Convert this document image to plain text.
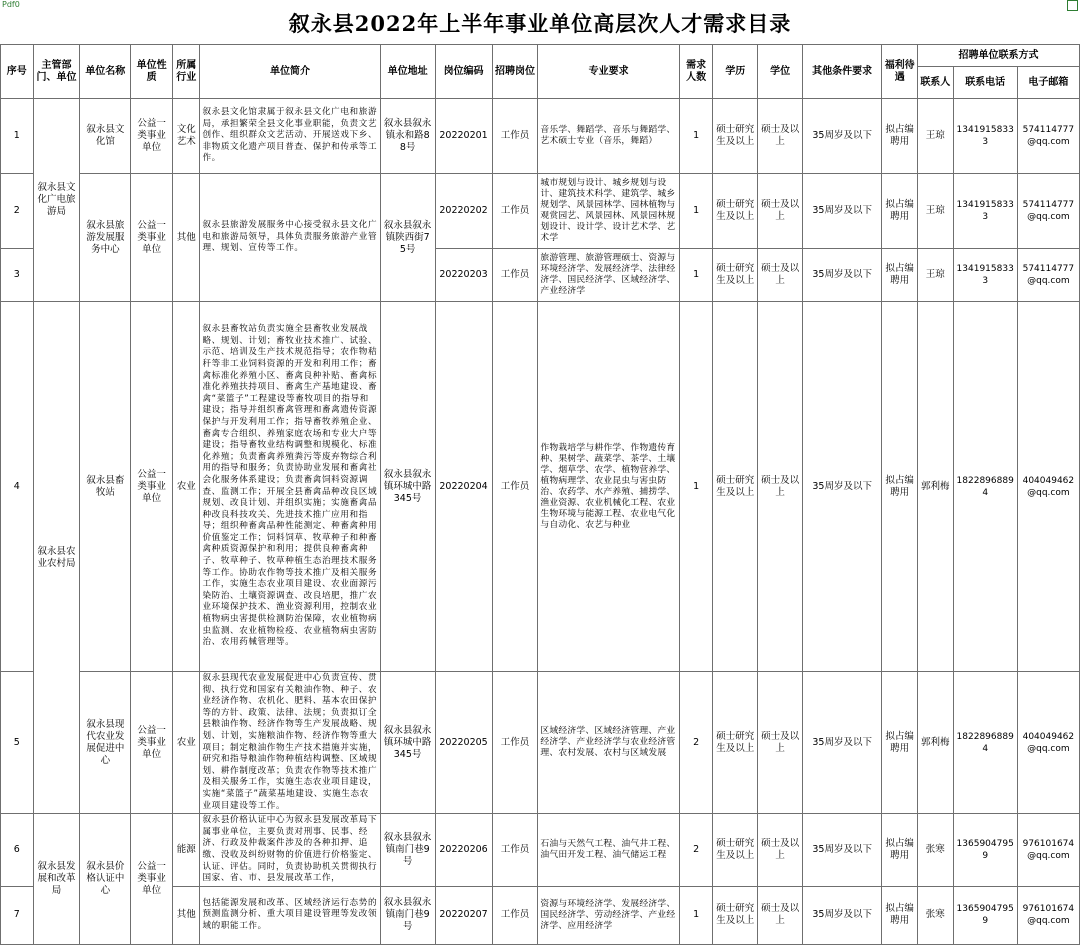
Pdf0
叙永县2022年上半年事业单位高层次人才需求目录
序号	主管部门、单位	单位名称	单位性质	所属行业	单位简介	单位地址	岗位编码	招聘岗位	专业要求	需求人数	学历	学位	其他条件要求	福利待遇	招聘单位联系方式		
															联系人	联系电话	电子邮箱
1	叙永县文化广电旅游局	叙永县文化馆	公益一类事业单位	文化艺术	叙永县文化馆隶属于叙永县文化广电和旅游局，承担繁荣全县文化事业职能，负责文艺创作、组织群众文艺活动、开展送戏下乡、非物质文化遗产项目普查、保护和传承等工作。	叙永县叙永镇永和路88号	20220201	工作员	音乐学、舞蹈学、音乐与舞蹈学、艺术硕士专业（音乐，舞蹈）	1	硕士研究生及以上	硕士及以上	35周岁及以下	拟占编聘用	王琼	13419158333	574114777@qq.com
2		叙永县旅游发展服务中心	公益一类事业单位	其他	叙永县旅游发展服务中心接受叙永县文化广电和旅游局领导，具体负责服务旅游产业管理、规划、宣传等工作。	叙永县叙永镇陕西街75号	20220202	工作员	城市规划与设计、城乡规划与设计、建筑技术科学、建筑学、城乡规划学、风景园林学、园林植物与观赏园艺、风景园林、风景园林规划设计、设计学、设计艺术学、艺术学	1	硕士研究生及以上	硕士及以上	35周岁及以下	拟占编聘用	王琼	13419158333	574114777@qq.com
3							20220203	工作员	旅游管理、旅游管理硕士、资源与环境经济学、发展经济学、法律经济学、国民经济学、区域经济学、产业经济学	1	硕士研究生及以上	硕士及以上	35周岁及以下	拟占编聘用	王琼	13419158333	574114777@qq.com
4	叙永县农业农村局	叙永县畜牧站	公益一类事业单位	农业	叙永县畜牧站负责实施全县畜牧业发展战略、规划、计划；畜牧业技术推广、试验、示范、培训及生产技术规范指导；农作物秸秆等非工业饲料资源的开发和利用工作；畜禽标准化养殖小区、畜禽良种补贴、畜禽标准化养殖扶持项目、畜禽生产基地建设、畜禽“菜篮子”工程建设等畜牧项目的指导和建设；指导并组织畜禽管理和畜禽遗传资源保护与开发利用工作；指导畜牧养殖企业、畜禽专合组织、养殖家庭农场和专业大户等建设；指导畜牧业结构调整和规模化、标准化养殖；负责畜禽养殖粪污等废弃物综合利用的指导和服务；负责协助业发展和畜禽社会化服务体系建设；负责畜禽饲料资源调查、监测工作；开展全县畜禽品种改良区域规划、改良计划、并组织实施；实施畜禽品种改良科技攻关、先进技术推广应用和指导；组织种畜禽品种性能测定、种畜禽种用价值鉴定工作；饲料饲草、牧草种子和种畜禽种质资源保护和利用；提供良种畜禽种子、牧草种子、牧草种植生态治理技术服务等工作。协助农作物等技术推广及相关服务工作，实施生态农业项目建设、农业面源污染防治、土壤资源调查、改良培肥，推广农业环境保护技术、渔业资源利用，控制农业植物病虫害提供检测防治保障，农业植物病虫监测、农业植物检疫、农业植物病虫害防治、农用药械管理等。	叙永县叙永镇环城中路345号	20220204	工作员	作物栽培学与耕作学、作物遗传育种、果树学、蔬菜学、茶学、土壤学、烟草学、农学、植物营养学、植物病理学、农业昆虫与害虫防治、农药学、水产养殖、捕捞学、渔业资源、农业机械化工程、农业生物环境与能源工程、农业电气化与自动化、农艺与种业	1	硕士研究生及以上	硕士及以上	35周岁及以下	拟占编聘用	郭利梅	18228968894	404049462@qq.com
5		叙永县现代农业发展促进中心	公益一类事业单位	农业	叙永县现代农业发展促进中心负责宣传、贯彻、执行党和国家有关粮油作物、种子、农业经济作物、农机化、肥料、基本农田保护等的方针、政策、法律、法规；负责拟订全县粮油作物、经济作物等生产发展战略、规划、计划，实施粮油作物、经济作物等重大项目；制定粮油作物生产技术措施并实施，研究和指导粮油作物种植结构调整、区域规划、耕作制度改革；负责农作物等技术推广及相关服务工作，实施生态农业项目建设，实施“菜篮子”蔬菜基地建设、实施生态农业项目建设等工作。	叙永县叙永镇环城中路345号	20220205	工作员	区域经济学、区域经济管理、产业经济学、产业经济学与农业经济管理、农村发展、农村与区域发展	2	硕士研究生及以上	硕士及以上	35周岁及以下	拟占编聘用	郭利梅	18228968894	404049462@qq.com
6	叙永县发展和改革局	叙永县价格认证中心	公益一类事业单位	能源	叙永县价格认证中心为叙永县发展改革局下属事业单位，主要负责对刑事、民事、经济、行政及仲裁案件涉及的各种扣押、追缴、没收及纠纷财物的价值进行价格鉴定、认证、评估。同时，负责协助机关贯彻执行国家、省、市、县发展改革工作，	叙永县叙永镇南门巷9号	20220206	工作员	石油与天然气工程、油气井工程、油气田开发工程、油气储运工程	2	硕士研究生及以上	硕士及以上	35周岁及以下	拟占编聘用	张寒	13659047959	976101674@qq.com
7				其他	包括能源发展和改革、区域经济运行态势的预测监测分析、重大项目建设管理等发改领域的职能工作。	叙永县叙永镇南门巷9号	20220207	工作员	资源与环境经济学、发展经济学、国民经济学、劳动经济学、产业经济学、应用经济学	1	硕士研究生及以上	硕士及以上	35周岁及以下	拟占编聘用	张寒	13659047959	976101674@qq.com
